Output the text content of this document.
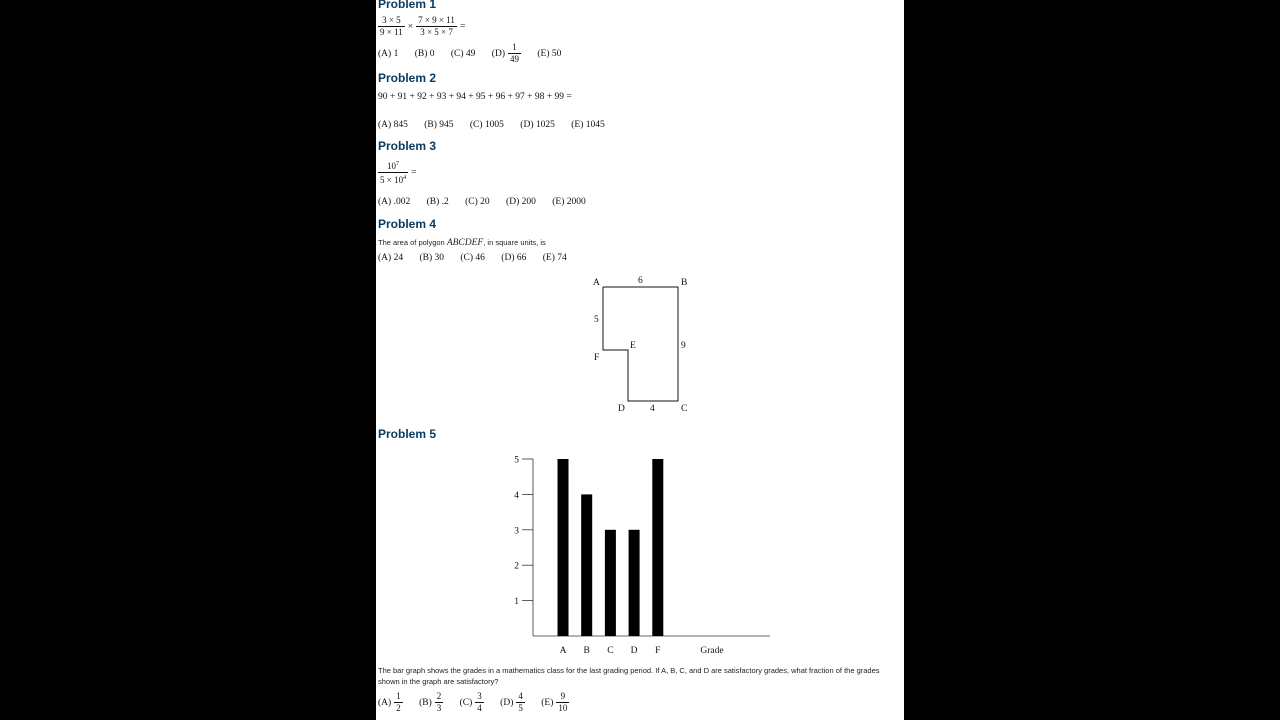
Problem 1
$\frac{3 \times 5}{9 \times 11} \times \frac{7 \times 9 \times 11}{3 \times 5 \times 7}$ =
(A) 1 (B) 0 (C) 49 $(D) \frac{1}{49} (E)$ 50
Problem 2
90 + 91 + 92 + 93 + 94 + 95 + 96 + 97 + 98 + 99 =
(A) 845 (B) 945 (C) 1005 (D) 1025 (E) 1045
Problem 3
$\frac{10^7}{5 \times 10^4}$ =
(A) .002 (B) .2 (C) 20 (D) 200 (E) 2000
Problem 4
The area of polygon ABCDEF, in square units, is
(A) 24 (B) 30 (C) 46 (D) 66 (E) 74
A	B
C
D
E
F
6
5
9
4
Problem 5
1
2
3
4
5
A B C D F	Grade
The bar graph shows the grades in a mathematics class for the last grading period. If A, B, C, and D are satisfactory grades, what fraction of the grades shown in the graph are satisfactory?
$(A) \frac{1}{2} (B) \frac{2}{3} (C) \frac{3}{4} (D) \frac{4}{5} (E) \frac{9}{10}$
